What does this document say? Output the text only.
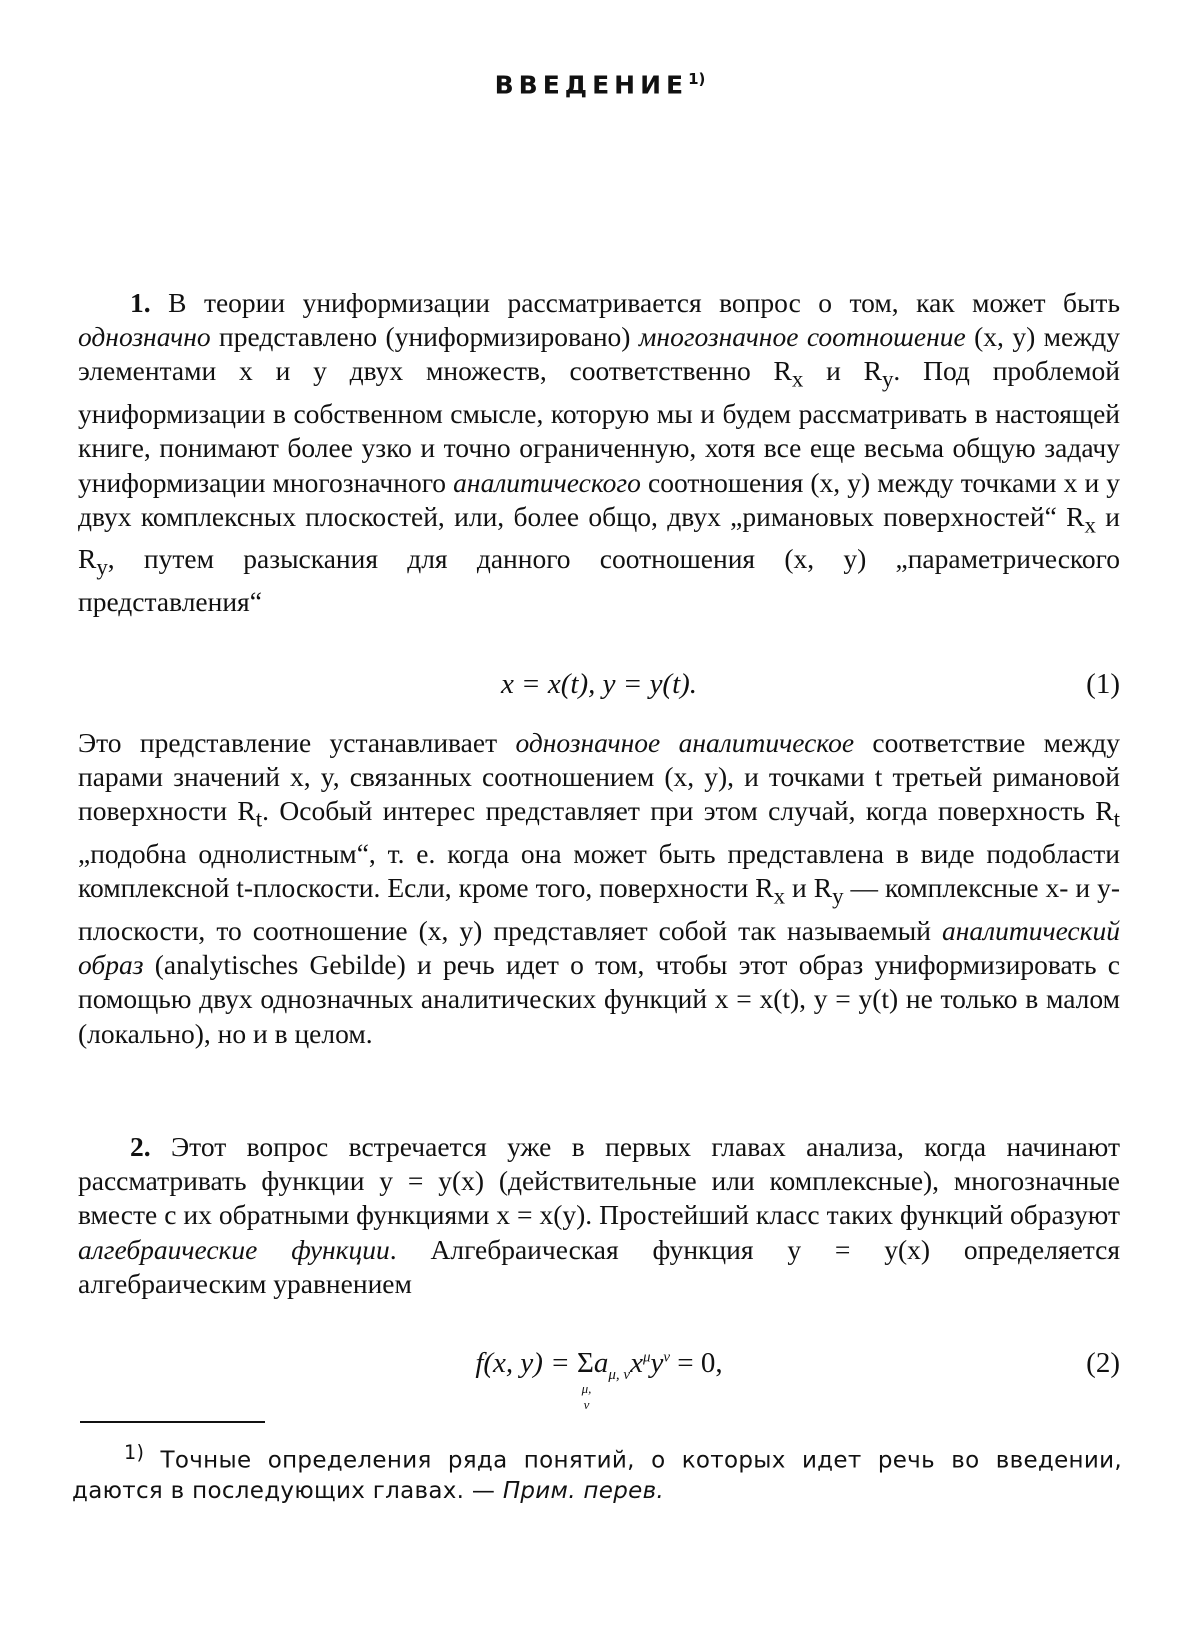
ВВЕДЕНИЕ$^{1)}$

1. В теории униформизации рассматривается вопрос о том, как может быть однозначно представлено (униформизировано) многозначное соотношение (x, y) между элементами x и y двух множеств, соответственно $R_x$ и $R_y$. Под проблемой униформизации в собственном смысле, которую мы и будем рассматривать в настоящей книге, понимают более узко и точно ограниченную, хотя все еще весьма общую задачу униформизации многозначного аналитического соотношения (x, y) между точками x и y двух комплексных плоскостей, или, более общо, двух „римановых поверхностей“ $R_x$ и $R_y$, путем разыскания для данного соотношения (x, y) „параметрического представления“

x = x(t), y = y(t).	(1)

Это представление устанавливает однозначное аналитическое соответствие между парами значений x, y, связанных соотношением (x, y), и точками t третьей римановой поверхности $R_t$. Особый интерес представляет при этом случай, когда поверхность $R_t$ „подобна однолистным“, т. е. когда она может быть представлена в виде подобласти комплексной t-плоскости. Если, кроме того, поверхности $R_x$ и $R_y$ — комплексные x- и y-плоскости, то соотношение (x, y) представляет собой так называемый аналитический образ (analytisches Gebilde) и речь идет о том, чтобы этот образ униформизировать с помощью двух однозначных аналитических функций x = x(t), y = y(t) не только в малом (локально), но и в целом.

2. Этот вопрос встречается уже в первых главах анализа, когда начинают рассматривать функции y = y(x) (действительные или комплексные), многозначные вместе с их обратными функциями x = x(y). Простейший класс таких функций образуют алгебраические функции. Алгебраическая функция y = y(x) определяется алгебраическим уравнением

f(x, y) = Σ
μ, ν
$a_{\mu, \nu}x^\mu y^\nu = 0$,	(2)

$^{1)}$ Точные определения ряда понятий, о которых идет речь во введении, даются в последующих главах. — Прим. перев.
